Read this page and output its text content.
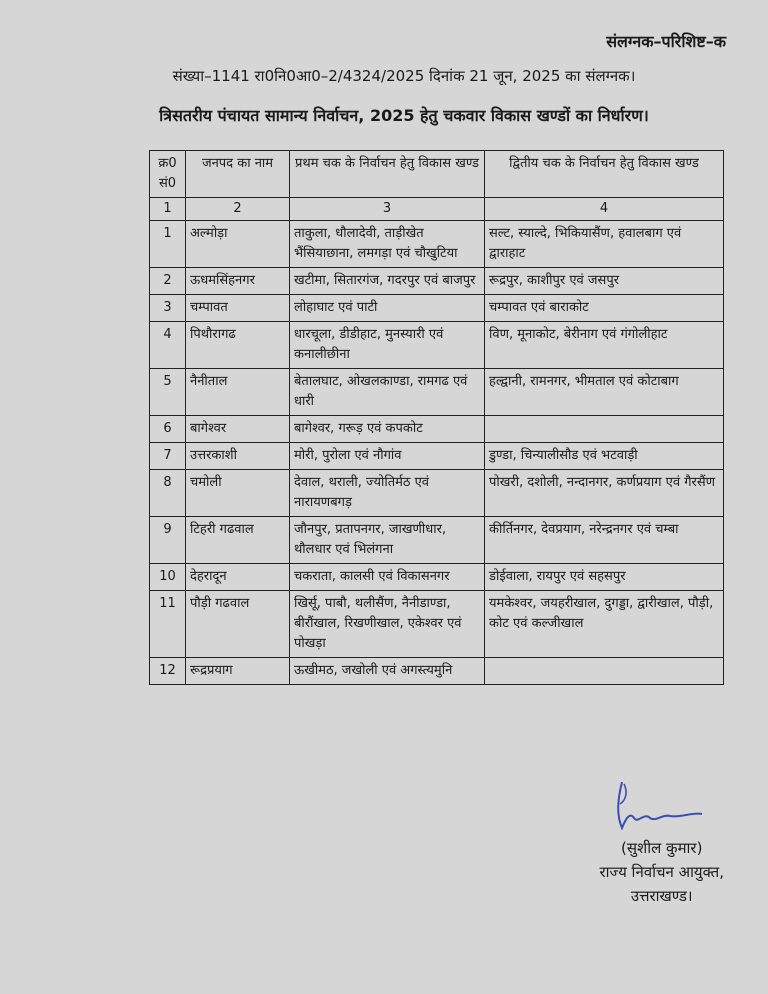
संलग्नक–परिशिष्ट–क
संख्या–1141 रा0नि0आ0–2/4324/2025 दिनांक 21 जून, 2025 का संलग्नक।
त्रिसतरीय पंचायत सामान्य निर्वाचन, 2025 हेतु चकवार विकास खण्डों का निर्धारण।
क्र0 सं0	जनपद का नाम	प्रथम चक के निर्वाचन हेतु विकास खण्ड	द्वितीय चक के निर्वाचन हेतु विकास खण्ड
1	2	3	4
1	अल्मोड़ा	ताकुला, धौलादेवी, ताड़ीखेत भैंसियाछाना, लमगड़ा एवं चौखुटिया	सल्ट, स्याल्दे, भिकियासैंण, हवालबाग एवं द्वाराहाट
2	ऊधमसिंहनगर	खटीमा, सितारगंज, गदरपुर एवं बाजपुर	रूद्रपुर, काशीपुर एवं जसपुर
3	चम्पावत	लोहाघाट एवं पाटी	चम्पावत एवं बाराकोट
4	पिथौरागढ	धारचूला, डीडीहाट, मुनस्यारी एवं कनालीछीना	विण, मूनाकोट, बेरीनाग एवं गंगोलीहाट
5	नैनीताल	बेतालघाट, ओखलकाण्डा, रामगढ एवं धारी	हल्द्वानी, रामनगर, भीमताल एवं कोटाबाग
6	बागेश्वर	बागेश्वर, गरूड़ एवं कपकोट	
7	उत्तरकाशी	मोरी, पुरोला एवं नौगांव	डुण्डा, चिन्यालीसौड एवं भटवाड़ी
8	चमोली	देवाल, थराली, ज्योतिर्मठ एवं नारायणबगड़	पोखरी, दशोली, नन्दानगर, कर्णप्रयाग एवं गैरसैंण
9	टिहरी गढवाल	जौनपुर, प्रतापनगर, जाखणीधार, थौलधार एवं भिलंगना	कीर्तिनगर, देवप्रयाग, नरेन्द्रनगर एवं चम्बा
10	देहरादून	चकराता, कालसी एवं विकासनगर	डोईवाला, रायपुर एवं सहसपुर
11	पौड़ी गढवाल	खिर्सू, पाबौ, थलीसैंण, नैनीडाण्डा, बीरौंखाल, रिखणीखाल, एकेश्वर एवं पोखड़ा	यमकेश्वर, जयहरीखाल, दुगड्डा, द्वारीखाल, पौड़ी, कोट एवं कल्जीखाल
12	रूद्रप्रयाग	ऊखीमठ, जखोली एवं अगस्त्यमुनि	
(सुशील कुमार)
राज्य निर्वाचन आयुक्त,
उत्तराखण्ड।
